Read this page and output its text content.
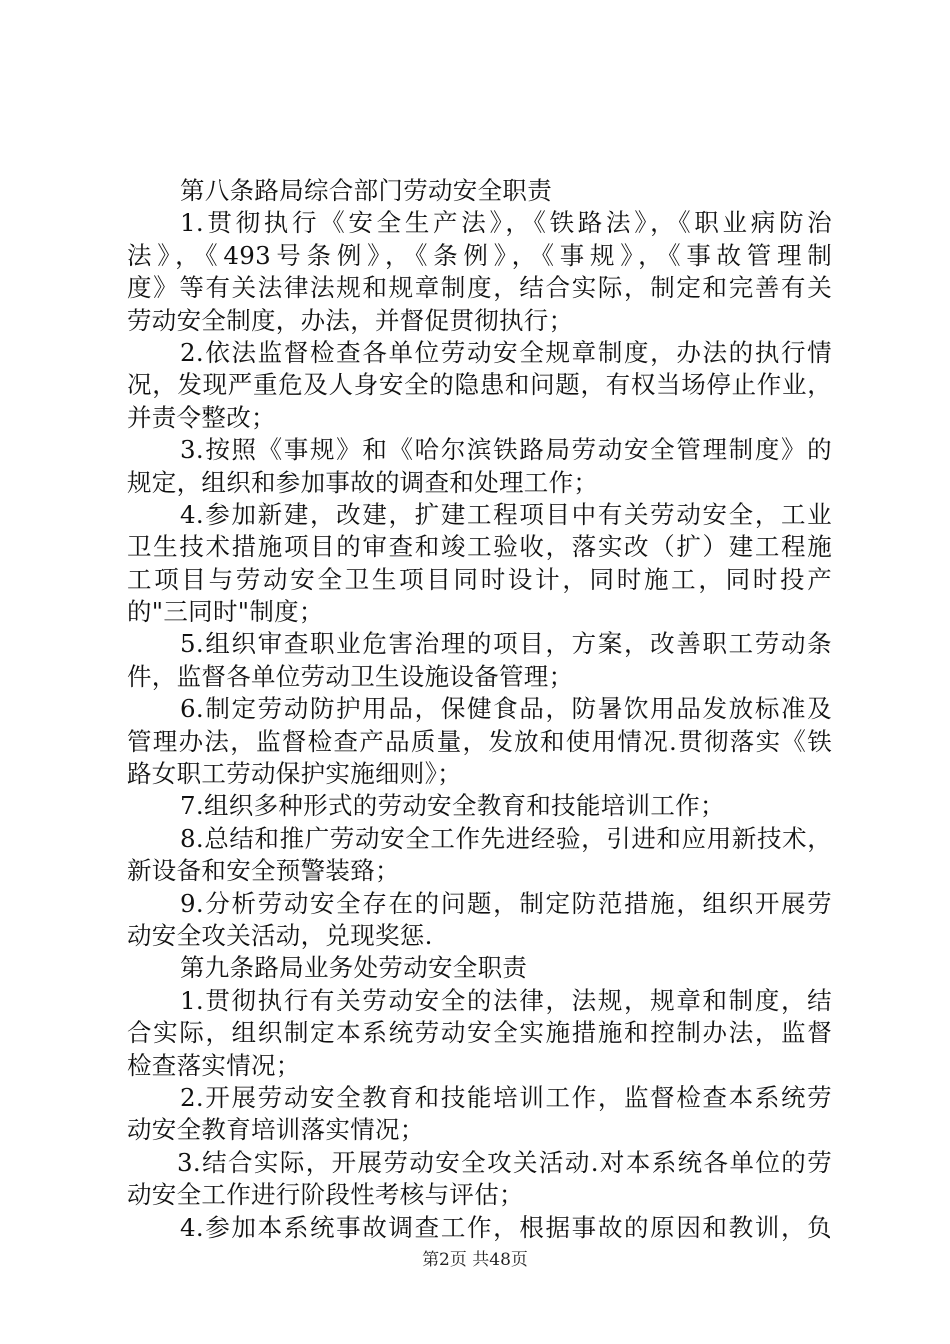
第八条路局综合部门劳动安全职责
1.贯彻执行《安全生产法》，《铁路法》，《职业病防治
法》，《493号条例》，《条例》，《事规》，《事故管理制
度》等有关法律法规和规章制度，结合实际，制定和完善有关
劳动安全制度，办法，并督促贯彻执行；
2.依法监督检查各单位劳动安全规章制度，办法的执行情
况，发现严重危及人身安全的隐患和问题，有权当场停止作业，
并责令整改；
3.按照《事规》和《哈尔滨铁路局劳动安全管理制度》的
规定，组织和参加事故的调查和处理工作；
4.参加新建，改建，扩建工程项目中有关劳动安全，工业
卫生技术措施项目的审查和竣工验收，落实改（扩）建工程施
工项目与劳动安全卫生项目同时设计，同时施工，同时投产
的"三同时"制度；
5.组织审查职业危害治理的项目，方案，改善职工劳动条
件，监督各单位劳动卫生设施设备管理；
6.制定劳动防护用品，保健食品，防暑饮用品发放标准及
管理办法，监督检查产品质量，发放和使用情况.贯彻落实《铁
路女职工劳动保护实施细则》；
7.组织多种形式的劳动安全教育和技能培训工作；
8.总结和推广劳动安全工作先进经验，引进和应用新技术，
新设备和安全预警装臵；
9.分析劳动安全存在的问题，制定防范措施，组织开展劳
动安全攻关活动，兑现奖惩.
第九条路局业务处劳动安全职责
1.贯彻执行有关劳动安全的法律，法规，规章和制度，结
合实际，组织制定本系统劳动安全实施措施和控制办法，监督
检查落实情况；
2.开展劳动安全教育和技能培训工作，监督检查本系统劳
动安全教育培训落实情况；
3.结合实际，开展劳动安全攻关活动.对本系统各单位的劳
动安全工作进行阶段性考核与评估；
4.参加本系统事故调查工作，根据事故的原因和教训，负
第2页 共48页
